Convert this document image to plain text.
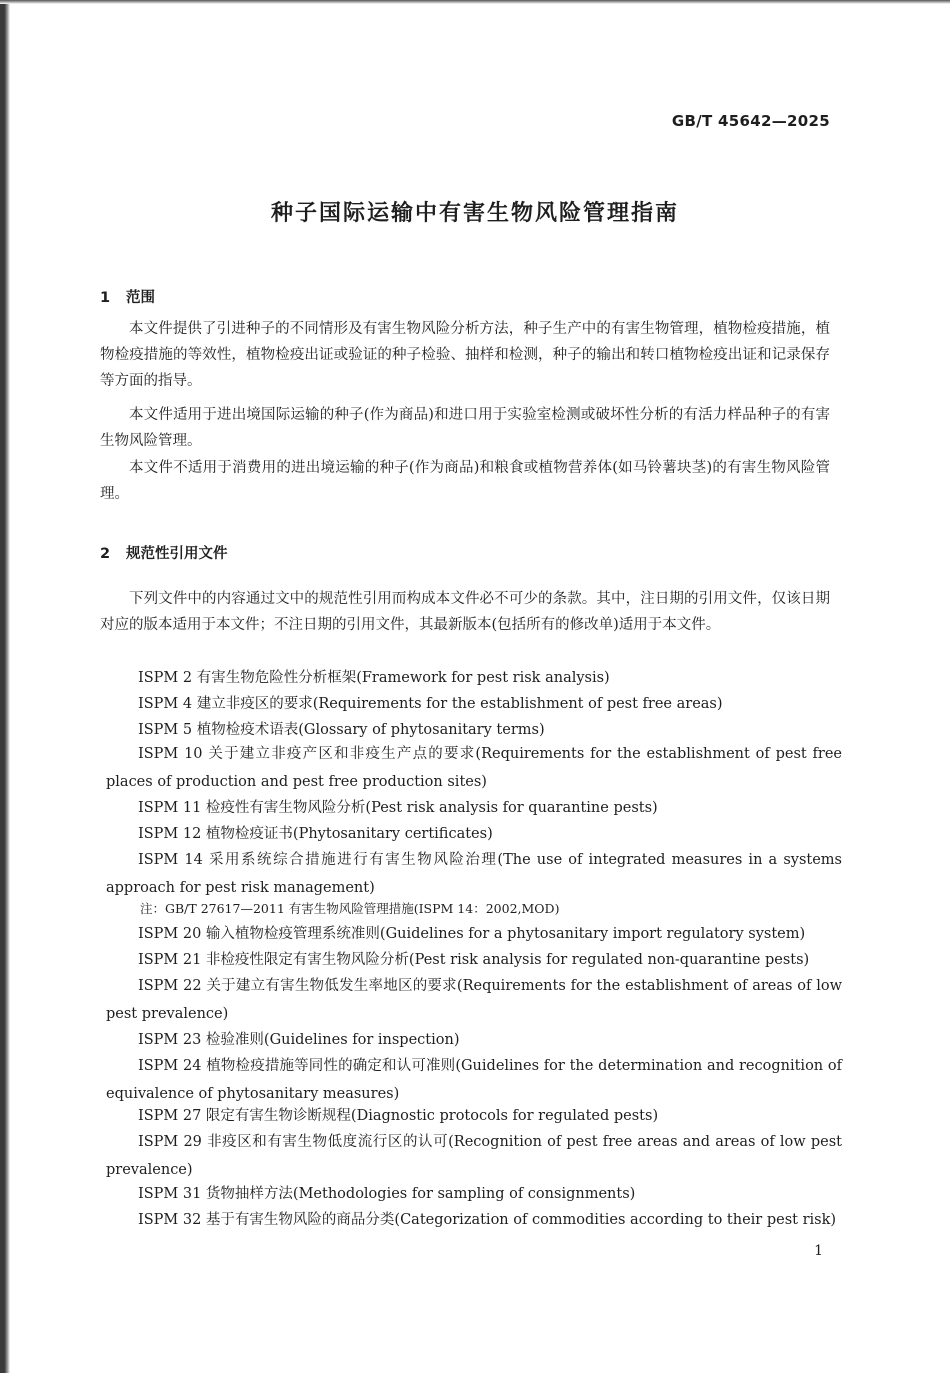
GB/T 45642—2025
种子国际运输中有害生物风险管理指南
1 范围

本文件提供了引进种子的不同情形及有害生物风险分析方法，种子生产中的有害生物管理，植物检疫措施，植物检疫措施的等效性，植物检疫出证或验证的种子检验、抽样和检测，种子的输出和转口植物检疫出证和记录保存等方面的指导。

本文件适用于进出境国际运输的种子(作为商品)和进口用于实验室检测或破坏性分析的有活力样品种子的有害生物风险管理。

本文件不适用于消费用的进出境运输的种子(作为商品)和粮食或植物营养体(如马铃薯块茎)的有害生物风险管理。

2 规范性引用文件

下列文件中的内容通过文中的规范性引用而构成本文件必不可少的条款。其中，注日期的引用文件，仅该日期对应的版本适用于本文件；不注日期的引用文件，其最新版本(包括所有的修改单)适用于本文件。

ISPM 2 有害生物危险性分析框架(Framework for pest risk analysis)

ISPM 4 建立非疫区的要求(Requirements for the establishment of pest free areas)

ISPM 5 植物检疫术语表(Glossary of phytosanitary terms)

ISPM 10 关于建立非疫产区和非疫生产点的要求(Requirements for the establishment of pest free places of production and pest free production sites)

ISPM 11 检疫性有害生物风险分析(Pest risk analysis for quarantine pests)

ISPM 12 植物检疫证书(Phytosanitary certificates)

ISPM 14 采用系统综合措施进行有害生物风险治理(The use of integrated measures in a systems approach for pest risk management)

注：GB/T 27617—2011 有害生物风险管理措施(ISPM 14：2002,MOD)

ISPM 20 输入植物检疫管理系统准则(Guidelines for a phytosanitary import regulatory system)

ISPM 21 非检疫性限定有害生物风险分析(Pest risk analysis for regulated non-quarantine pests)

ISPM 22 关于建立有害生物低发生率地区的要求(Requirements for the establishment of areas of low pest prevalence)

ISPM 23 检验准则(Guidelines for inspection)

ISPM 24 植物检疫措施等同性的确定和认可准则(Guidelines for the determination and recognition of equivalence of phytosanitary measures)

ISPM 27 限定有害生物诊断规程(Diagnostic protocols for regulated pests)

ISPM 29 非疫区和有害生物低度流行区的认可(Recognition of pest free areas and areas of low pest prevalence)

ISPM 31 货物抽样方法(Methodologies for sampling of consignments)

ISPM 32 基于有害生物风险的商品分类(Categorization of commodities according to their pest risk)

1
